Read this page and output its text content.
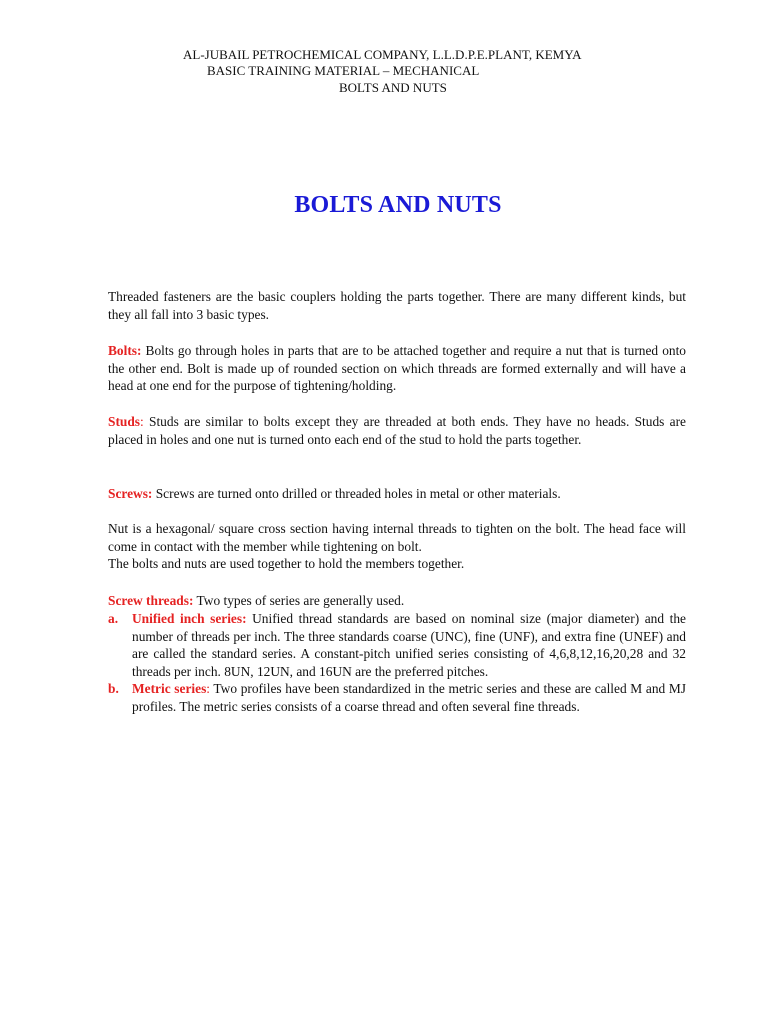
AL-JUBAIL PETROCHEMICAL COMPANY, L.L.D.P.E.PLANT, KEMYA
BASIC TRAINING MATERIAL – MECHANICAL
BOLTS AND NUTS
BOLTS AND NUTS

Threaded fasteners are the basic couplers holding the parts together. There are many different kinds, but they all fall into 3 basic types.

Bolts: Bolts go through holes in parts that are to be attached together and require a nut that is turned onto the other end. Bolt is made up of rounded section on which threads are formed externally and will have a head at one end for the purpose of tightening/holding.

Studs: Studs are similar to bolts except they are threaded at both ends. They have no heads. Studs are placed in holes and one nut is turned onto each end of the stud to hold the parts together.

Screws: Screws are turned onto drilled or threaded holes in metal or other materials.

Nut is a hexagonal/ square cross section having internal threads to tighten on the bolt. The head face will come in contact with the member while tightening on bolt.
The bolts and nuts are used together to hold the members together.

Screw threads: Two types of series are generally used.

a. Unified inch series: Unified thread standards are based on nominal size (major diameter) and the number of threads per inch. The three standards coarse (UNC), fine (UNF), and extra fine (UNEF) and are called the standard series. A constant-pitch unified series consisting of 4,6,8,12,16,20,28 and 32 threads per inch. 8UN, 12UN, and 16UN are the preferred pitches.
b. Metric series: Two profiles have been standardized in the metric series and these are called M and MJ profiles. The metric series consists of a coarse thread and often several fine threads.
